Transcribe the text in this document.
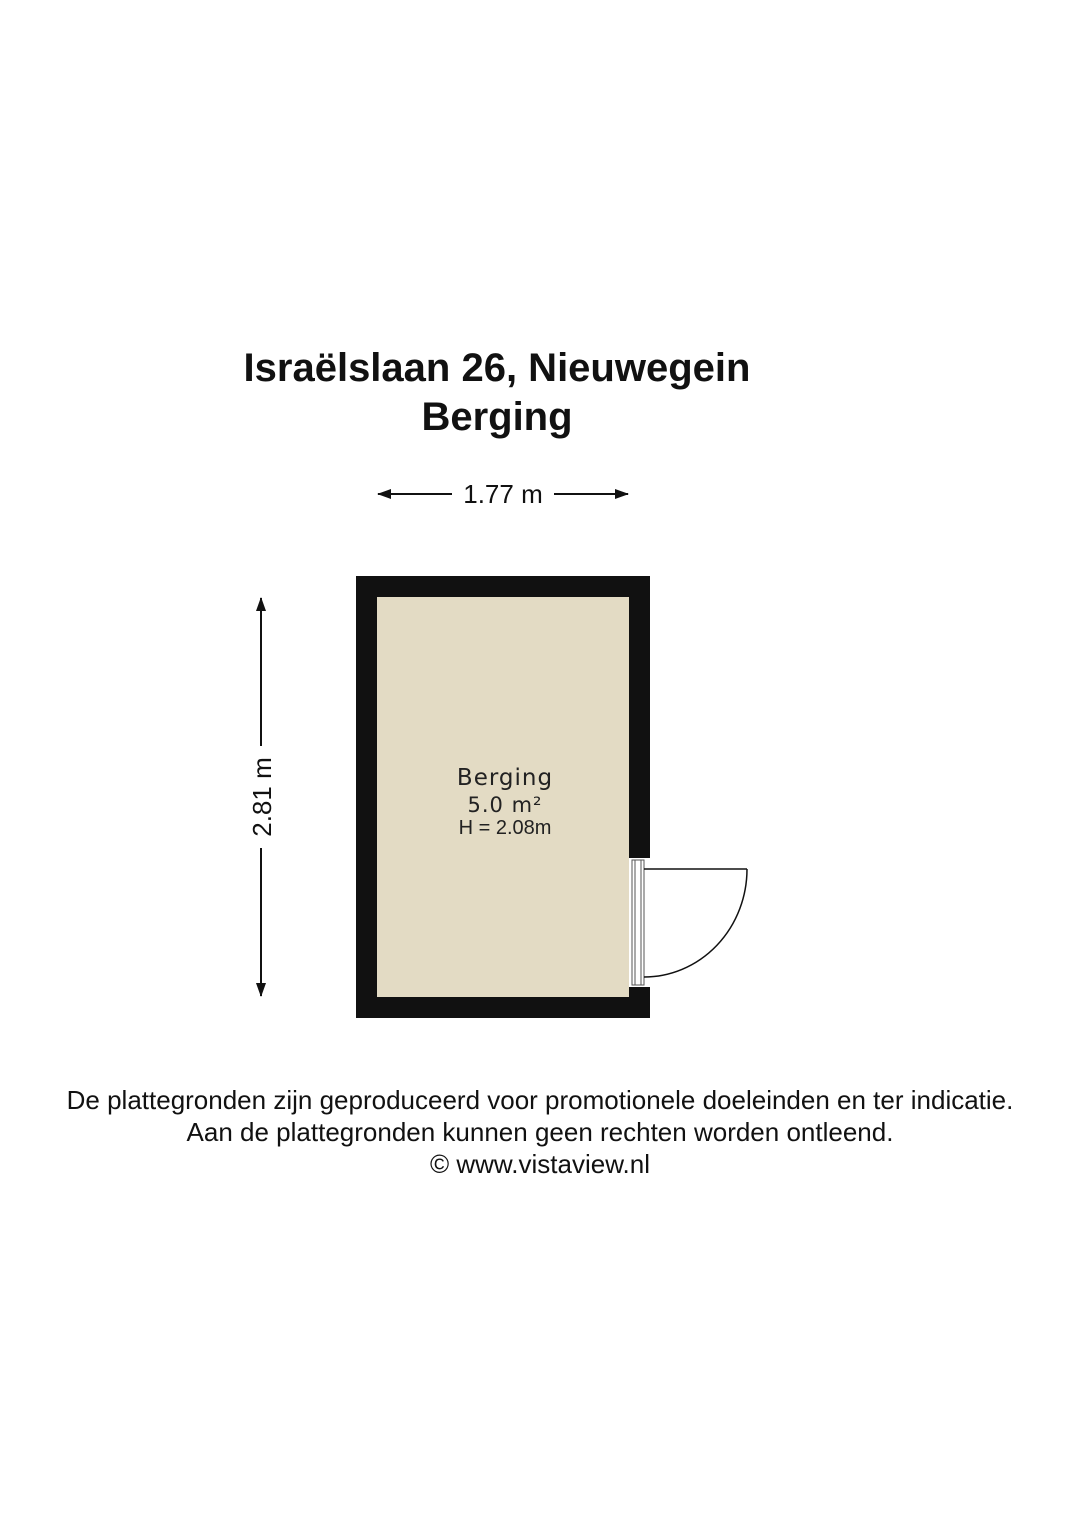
Israëlslaan 26, Nieuwegein
Berging
1.77 m
2.81 m	Berging
5.0 m²
H = 2.08m
De plattegronden zijn geproduceerd voor promotionele doeleinden en ter indicatie.
Aan de plattegronden kunnen geen rechten worden ontleend.
© www.vistaview.nl
